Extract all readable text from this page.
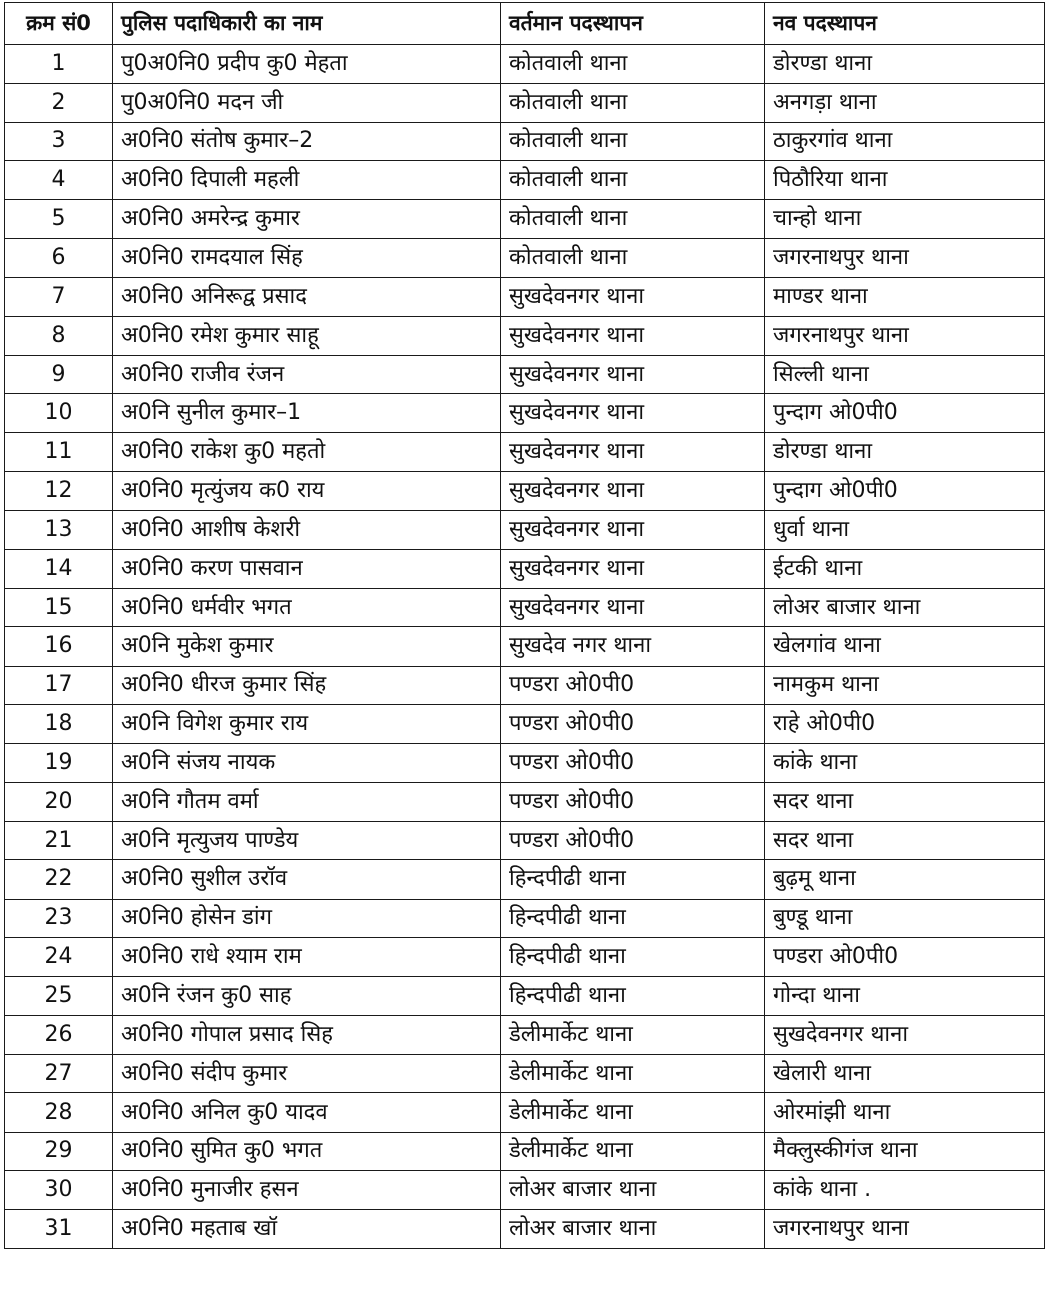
क्रम सं0	पुलिस पदाधिकारी का नाम	वर्तमान पदस्थापन	नव पदस्थापन
1	पु0अ0नि0 प्रदीप कु0 मेहता	कोतवाली थाना	डोरण्डा थाना
2	पु0अ0नि0 मदन जी	कोतवाली थाना	अनगड़ा थाना
3	अ0नि0 संतोष कुमार–2	कोतवाली थाना	ठाकुरगांव थाना
4	अ0नि0 दिपाली महली	कोतवाली थाना	पिठौरिया थाना
5	अ0नि0 अमरेन्द्र कुमार	कोतवाली थाना	चान्हो थाना
6	अ0नि0 रामदयाल सिंह	कोतवाली थाना	जगरनाथपुर थाना
7	अ0नि0 अनिरूद्व प्रसाद	सुखदेवनगर थाना	माण्डर थाना
8	अ0नि0 रमेश कुमार साहू	सुखदेवनगर थाना	जगरनाथपुर थाना
9	अ0नि0 राजीव रंजन	सुखदेवनगर थाना	सिल्ली थाना
10	अ0नि सुनील कुमार–1	सुखदेवनगर थाना	पुन्दाग ओ0पी0
11	अ0नि0 राकेश कु0 महतो	सुखदेवनगर थाना	डोरण्डा थाना
12	अ0नि0 मृत्युंजय क0 राय	सुखदेवनगर थाना	पुन्दाग ओ0पी0
13	अ0नि0 आशीष केशरी	सुखदेवनगर थाना	धुर्वा थाना
14	अ0नि0 करण पासवान	सुखदेवनगर थाना	ईटकी थाना
15	अ0नि0 धर्मवीर भगत	सुखदेवनगर थाना	लोअर बाजार थाना
16	अ0नि मुकेश कुमार	सुखदेव नगर थाना	खेलगांव थाना
17	अ0नि0 धीरज कुमार सिंह	पण्डरा ओ0पी0	नामकुम थाना
18	अ0नि विगेश कुमार राय	पण्डरा ओ0पी0	राहे ओ0पी0
19	अ0नि संजय नायक	पण्डरा ओ0पी0	कांके थाना
20	अ0नि गौतम वर्मा	पण्डरा ओ0पी0	सदर थाना
21	अ0नि मृत्युजय पाण्डेय	पण्डरा ओ0पी0	सदर थाना
22	अ0नि0 सुशील उरॉव	हिन्दपीढी थाना	बुढ़मू थाना
23	अ0नि0 होसेन डांग	हिन्दपीढी थाना	बुण्डू थाना
24	अ0नि0 राधे श्याम राम	हिन्दपीढी थाना	पण्डरा ओ0पी0
25	अ0नि रंजन कु0 साह	हिन्दपीढी थाना	गोन्दा थाना
26	अ0नि0 गोपाल प्रसाद सिह	डेलीमार्केट थाना	सुखदेवनगर थाना
27	अ0नि0 संदीप कुमार	डेलीमार्केट थाना	खेलारी थाना
28	अ0नि0 अनिल कु0 यादव	डेलीमार्केट थाना	ओरमांझी थाना
29	अ0नि0 सुमित कु0 भगत	डेलीमार्केट थाना	मैक्लुस्कीगंज थाना
30	अ0नि0 मुनाजीर हसन	लोअर बाजार थाना	कांके थाना .
31	अ0नि0 महताब खॉ	लोअर बाजार थाना	जगरनाथपुर थाना
